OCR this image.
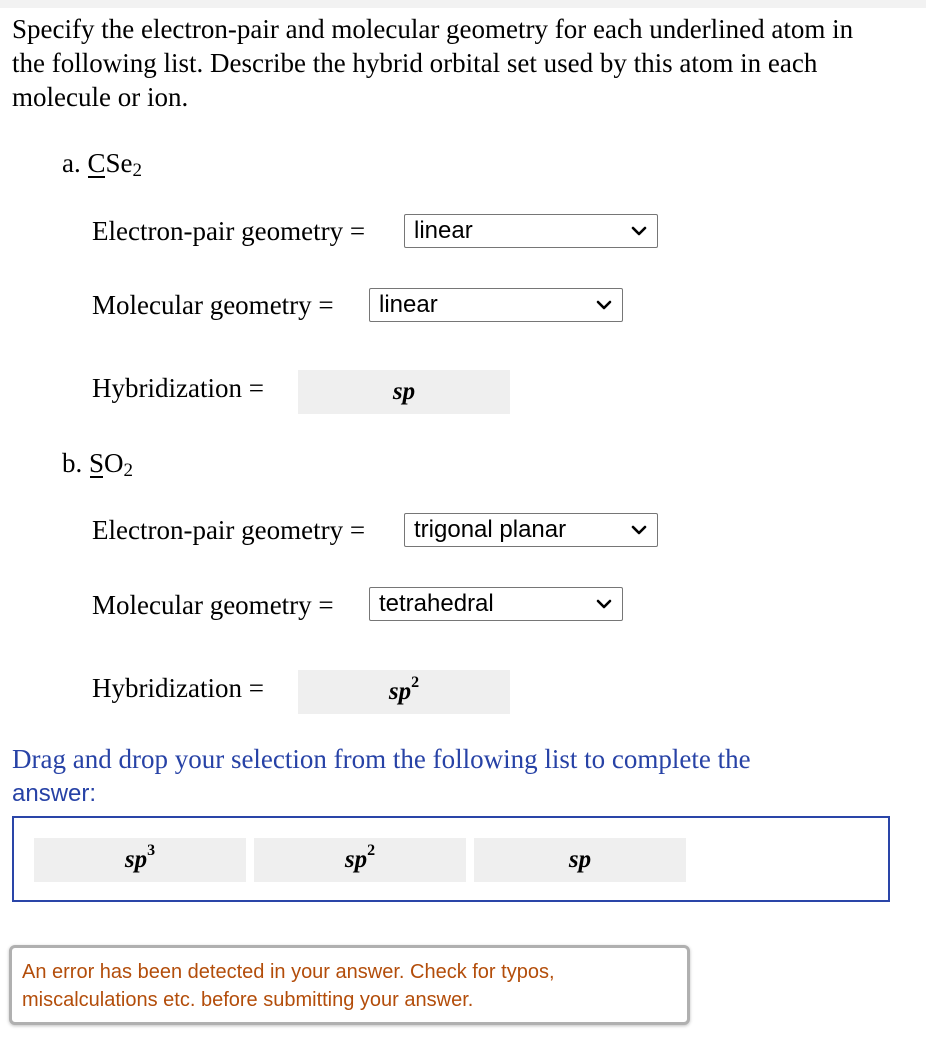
Specify the electron-pair and molecular geometry for each underlined atom in the following list. Describe the hybrid orbital set used by this atom in each molecule or ion.
a. CSe$_2$
Electron-pair geometry =	linear
Molecular geometry =	linear
Hybridization =	sp
b. $SO_2$
Electron-pair geometry =	trigonal planar
Molecular geometry =	tetrahedral
Hybridization =	$sp^2$
Drag and drop your selection from the following list to complete the
answer:
$sp^3$	$sp^2$	sp
An error has been detected in your answer. Check for typos, miscalculations etc. before submitting your answer.
